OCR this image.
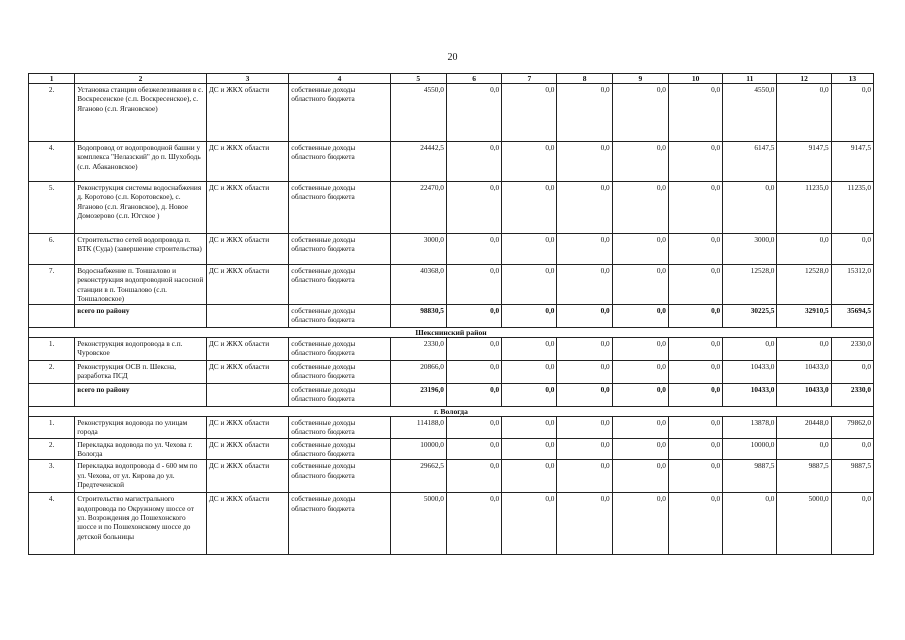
20
1	2	3	4	5	6	7	8	9	10	11	12	13
2.	Установка станции обезжелезивания в с. Воскресенское (с.п. Воскресенское), с. Ягановo (с.п. Ягановское)	ДС и ЖКХ области	собственные доходы областного бюджета	4550,0	0,0	0,0	0,0	0,0	0,0	4550,0	0,0	0,0
4.	Водопровод от водопроводной башни у комплекса "Нелазский" до п. Шухободь (с.п. Абакановское)	ДС и ЖКХ области	собственные доходы областного бюджета	24442,5	0,0	0,0	0,0	0,0	0,0	6147,5	9147,5	9147,5
5.	Реконструкция системы водоснабжения д. Коротово (с.п. Коротовское), с. Ягановo (с.п. Ягановское), д. Новое Домозерово (с.п. Югское )	ДС и ЖКХ области	собственные доходы областного бюджета	22470,0	0,0	0,0	0,0	0,0	0,0	0,0	11235,0	11235,0
6.	Строительство сетей водопровода п. ВТК (Суда) (завершение строительства)	ДС и ЖКХ области	собственные доходы областного бюджета	3000,0	0,0	0,0	0,0	0,0	0,0	3000,0	0,0	0,0
7.	Водоснабжение п. Тоншалово и реконструкция водопроводной насосной станции в п. Тоншалово (с.п. Тоншаловское)	ДС и ЖКХ области	собственные доходы областного бюджета	40368,0	0,0	0,0	0,0	0,0	0,0	12528,0	12528,0	15312,0
	всего по району		собственные доходы областного бюджета	98830,5	0,0	0,0	0,0	0,0	0,0	30225,5	32910,5	35694,5
Шекснинский район												
1.	Реконструкция водопровода в с.п. Чуровское	ДС и ЖКХ области	собственные доходы областного бюджета	2330,0	0,0	0,0	0,0	0,0	0,0	0,0	0,0	2330,0
2.	Реконструкция ОСВ п. Шексна, разработка ПСД	ДС и ЖКХ области	собственные доходы областного бюджета	20866,0	0,0	0,0	0,0	0,0	0,0	10433,0	10433,0	0,0
	всего по району		собственные доходы областного бюджета	23196,0	0,0	0,0	0,0	0,0	0,0	10433,0	10433,0	2330,0
г. Вологда												
1.	Реконструкция водовода по улицам города	ДС и ЖКХ области	собственные доходы областного бюджета	114188,0	0,0	0,0	0,0	0,0	0,0	13878,0	20448,0	79862,0
2.	Перекладка водовода по ул. Чехова г. Вологда	ДС и ЖКХ области	собственные доходы областного бюджета	10000,0	0,0	0,0	0,0	0,0	0,0	10000,0	0,0	0,0
3.	Перекладка водопровода d - 600 мм по ул. Чехова, от ул. Кирова до ул. Предтеченской	ДС и ЖКХ области	собственные доходы областного бюджета	29662,5	0,0	0,0	0,0	0,0	0,0	9887,5	9887,5	9887,5
4.	Строительство магистрального водопровода по Окружному шоссе от ул. Возрождения до Пошехонского шоссе и по Пошехонскому шоссе до детской больницы	ДС и ЖКХ области	собственные доходы областного бюджета	5000,0	0,0	0,0	0,0	0,0	0,0	0,0	5000,0	0,0
